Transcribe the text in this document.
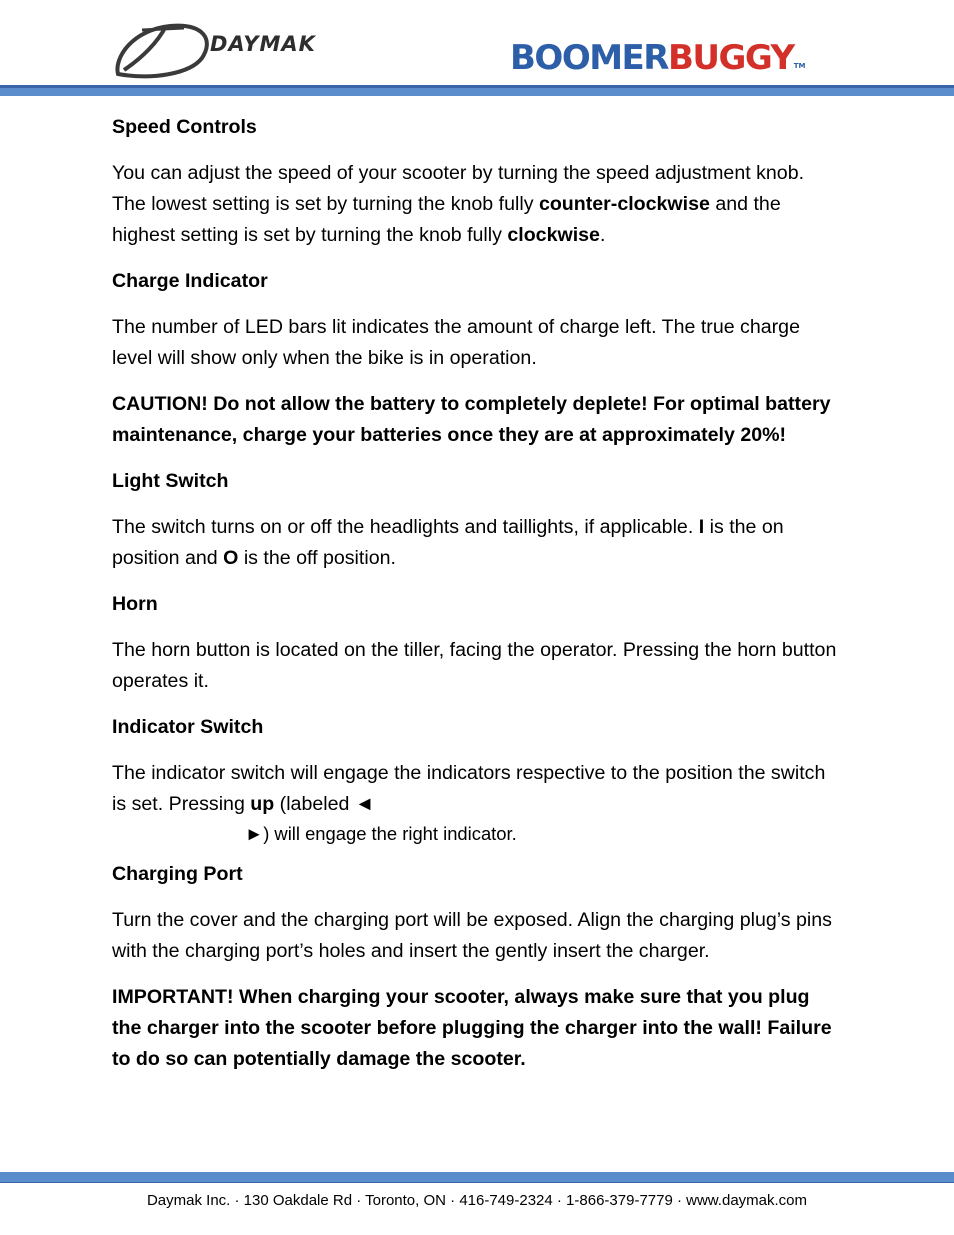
DAYMAK	BOOMERBUGGYTM

Speed Controls

You can adjust the speed of your scooter by turning the speed adjustment knob. The lowest setting is set by turning the knob fully counter-clockwise and the highest setting is set by turning the knob fully clockwise.

Charge Indicator

The number of LED bars lit indicates the amount of charge left. The true charge level will show only when the bike is in operation.

CAUTION! Do not allow the battery to completely deplete! For optimal battery maintenance, charge your batteries once they are at approximately 20%!

Light Switch

The switch turns on or off the headlights and taillights, if applicable. I is the on position and O is the off position.

Horn

The horn button is located on the tiller, facing the operator. Pressing the horn button operates it.

Indicator Switch

The indicator switch will engage the indicators respective to the position the switch is set. Pressing up (labeled ◄
►) will engage the right indicator.

Charging Port

Turn the cover and the charging port will be exposed. Align the charging plug’s pins with the charging port’s holes and insert the gently insert the charger.

IMPORTANT! When charging your scooter, always make sure that you plug the charger into the scooter before plugging the charger into the wall! Failure to do so can potentially damage the scooter.

Daymak Inc. · 130 Oakdale Rd · Toronto, ON · 416-749-2324 · 1-866-379-7779 · www.daymak.com
